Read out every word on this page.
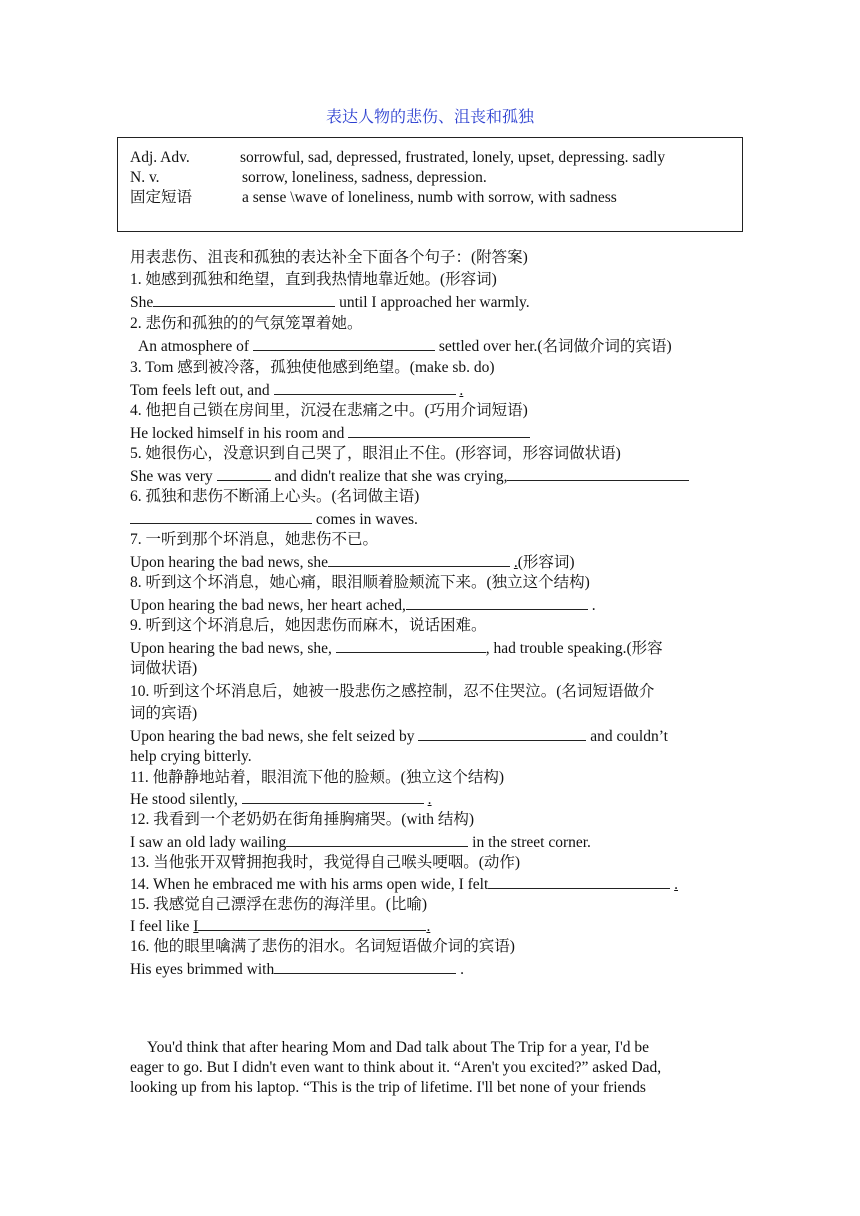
表达人物的悲伤、沮丧和孤独
Adj. Adv.	sorrowful, sad, depressed, frustrated, lonely, upset, depressing. sadly
N. v.	sorrow, loneliness, sadness, depression.
固定短语	a sense \wave of loneliness, numb with sorrow, with sadness
用表悲伤、沮丧和孤独的表达补全下面各个句子：(附答案)
1. 她感到孤独和绝望，直到我热情地靠近她。(形容词)
She	until I approached her warmly.
2. 悲伤和孤独的的气氛笼罩着她。
An atmosphere of	settled over her.(名词做介词的宾语)
3. Tom 感到被冷落，孤独使他感到绝望。(make sb. do)
Tom feels left out, and	.
4. 他把自己锁在房间里，沉浸在悲痛之中。(巧用介词短语)
He locked himself in his room and
5. 她很伤心，没意识到自己哭了，眼泪止不住。(形容词，形容词做状语)
She was very	and didn't realize that she was crying,
6. 孤独和悲伤不断涌上心头。(名词做主语)
comes in waves.
7. 一听到那个坏消息，她悲伤不已。
Upon hearing the bad news, she	.(形容词)
8. 听到这个坏消息，她心痛，眼泪顺着脸颊流下来。(独立这个结构)
Upon hearing the bad news, her heart ached,	.
9. 听到这个坏消息后，她因悲伤而麻木，说话困难。
Upon hearing the bad news, she,	, had trouble speaking.(形容
词做状语)
10. 听到这个坏消息后，她被一股悲伤之感控制，忍不住哭泣。(名词短语做介
词的宾语)
Upon hearing the bad news, she felt seized by	and couldn’t
help crying bitterly.
11. 他静静地站着，眼泪流下他的脸颊。(独立这个结构)
He stood silently,	.
12. 我看到一个老奶奶在街角捶胸痛哭。(with 结构)
I saw an old lady wailing	in the street corner.
13. 当他张开双臂拥抱我时，我觉得自己喉头哽咽。(动作)
14. When he embraced me with his arms open wide, I felt	.
15. 我感觉自己漂浮在悲伤的海洋里。(比喻)
I feel like I	.
16. 他的眼里噙满了悲伤的泪水。名词短语做介词的宾语)
His eyes brimmed with	.
You'd think that after hearing Mom and Dad talk about The Trip for a year, I'd be
eager to go. But I didn't even want to think about it. “Aren't you excited?” asked Dad,
looking up from his laptop. “This is the trip of lifetime. I'll bet none of your friends
